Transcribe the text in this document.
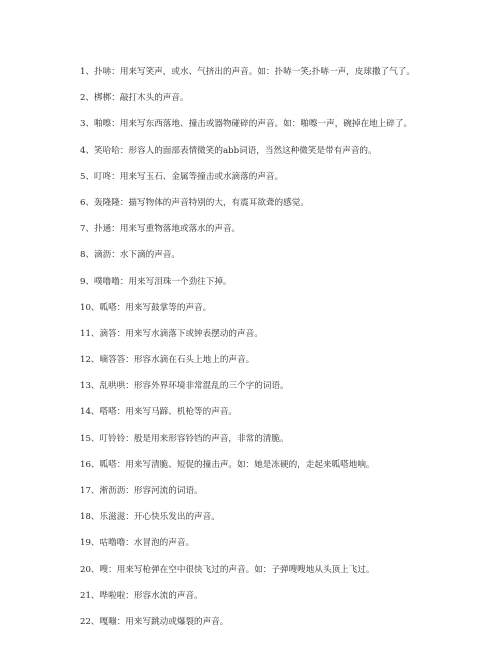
1、扑哧：用来写笑声，或水、气挤出的声音。如：扑哧一笑;扑哧一声，皮球撒了气了。
2、梆梆：敲打木头的声音。
3、啪嚓：用来写东西落地、撞击或器物碰碎的声音。如：啪嚓一声，碗掉在地上碎了。
4、笑哈哈：形容人的面部表情微笑的abb词语，当然这种微笑是带有声音的。
5、叮咚：用来写玉石、金属等撞击或水滴落的声音。
6、轰隆隆：描写物体的声音特别的大，有震耳欲聋的感觉。
7、扑通：用来写重物落地或落水的声音。
8、滴沥：水下滴的声音。
9、噗噜噜：用来写泪珠一个劲往下掉。
10、呱嗒：用来写鼓掌等的声音。
11、滴答：用来写水滴落下或钟表摆动的声音。
12、嘀答答：形容水滴在石头上地上的声音。
13、乱哄哄：形容外界环境非常混乱的三个字的词语。
14、嗒嗒：用来写马蹄、机枪等的声音。
15、叮铃铃：般是用来形容铃铛的声音，非常的清脆。
16、呱嗒：用来写清脆、短促的撞击声。如：她是冻硬的，走起来呱嗒地响。
17、淅沥沥：形容河流的词语。
18、乐滋滋：开心快乐发出的声音。
19、咕噜噜：水冒泡的声音。
20、嗖：用来写枪弹在空中很快飞过的声音。如：子弹嗖嗖地从头顶上飞过。
21、哗啦啦：形容水流的声音。
22、嘎嘣：用来写跳动或爆裂的声音。
